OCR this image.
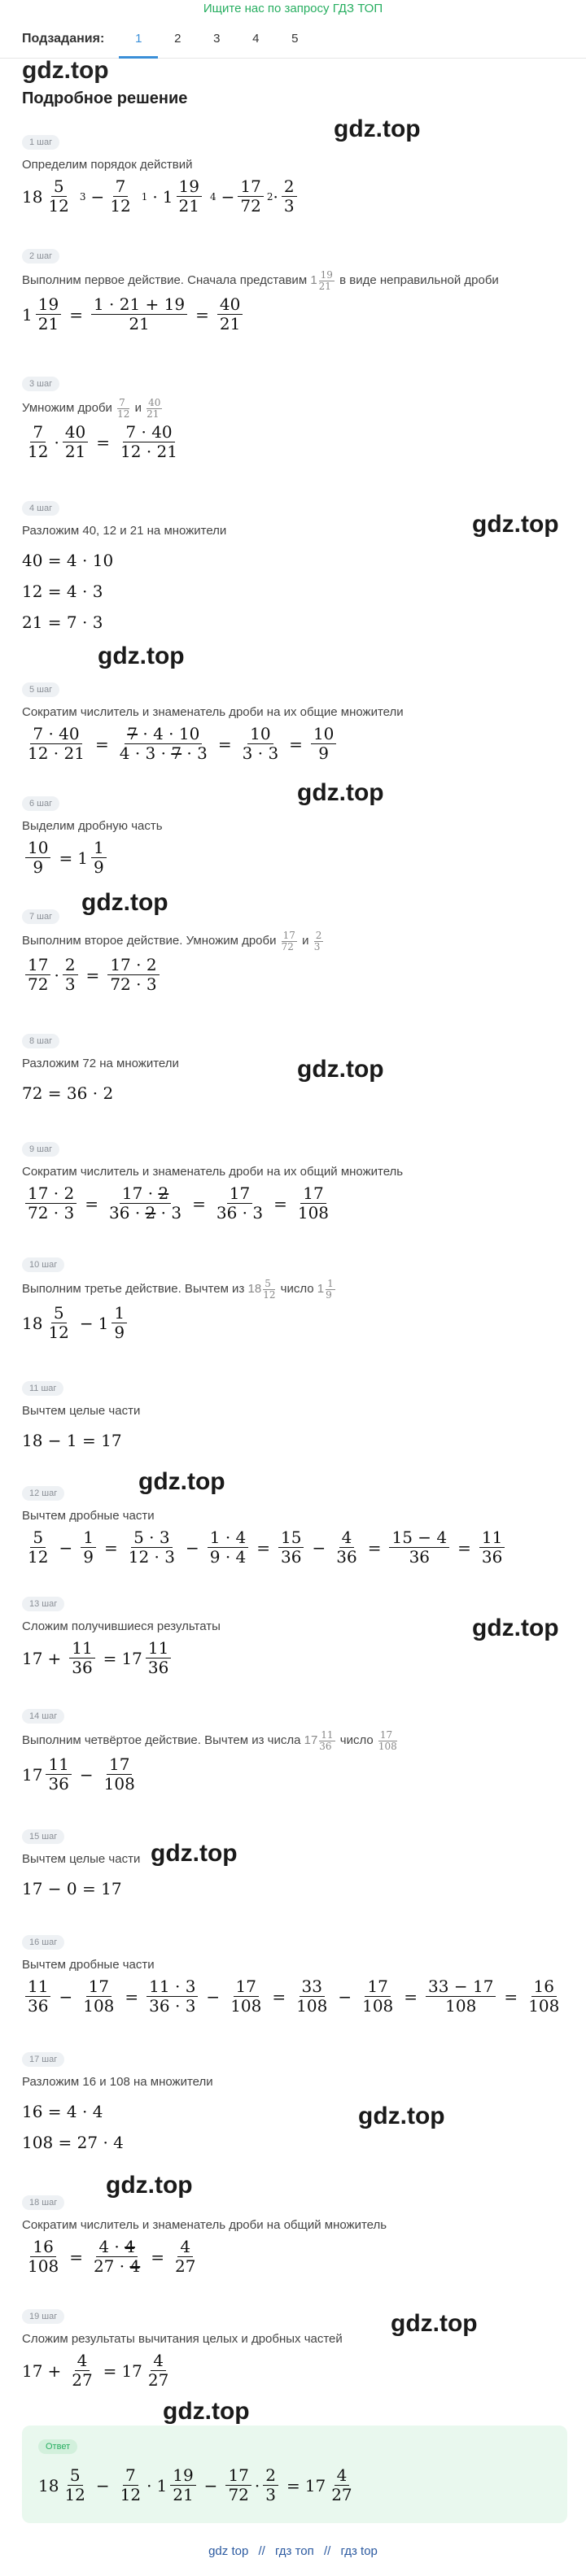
Ищите нас по запросу ГДЗ ТОП
Подзадания:	1	2	3	4	5
gdz.top
Подробное решение
gdz.top
gdz.top
gdz.top
gdz.top
gdz.top
gdz.top
gdz.top
gdz.top
gdz.top
gdz.top
gdz.top
gdz.top
gdz.top
1 шаг
Определим порядок действий
$18 \frac{5}{12} 3 - \frac{7}{12} 1 \cdot 1 \frac{19}{21} 4 - \frac{17}{72} 2 \cdot \frac{2}{3}$
2 шаг
Выполним первое действие. Сначала представим $1 \frac{19}{21}$ в виде неправильной дроби
$1 \frac{19}{21} = \frac{1 \cdot 21 + 19}{21} = \frac{40}{21}$
3 шаг
Умножим дроби $\frac{7}{12}$ и $\frac{40}{21}$
$\frac{7}{12} \cdot \frac{40}{21} = \frac{7 \cdot 40}{12 \cdot 21}$
4 шаг
Разложим 40, 12 и 21 на множители
40 = 4 · 10
12 = 4 · 3
21 = 7 · 3
5 шаг
Сократим числитель и знаменатель дроби на их общие множители
$\frac{7 \cdot 40}{12 \cdot 21} = \frac{7 \cdot 4 \cdot 10}{4 \cdot 3 \cdot 7 \cdot 3} = \frac{10}{3 \cdot 3} = \frac{10}{9}$
6 шаг
Выделим дробную часть
$\frac{10}{9} = 1 \frac{1}{9}$
7 шаг
Выполним второе действие. Умножим дроби $\frac{17}{72}$ и $\frac{2}{3}$
$\frac{17}{72} \cdot \frac{2}{3} = \frac{17 \cdot 2}{72 \cdot 3}$
8 шаг
Разложим 72 на множители
72 = 36 · 2
9 шаг
Сократим числитель и знаменатель дроби на их общий множитель
$\frac{17 \cdot 2}{72 \cdot 3} = \frac{17 \cdot 2}{36 \cdot 2 \cdot 3} = \frac{17}{36 \cdot 3} = \frac{17}{108}$
10 шаг
Выполним третье действие. Вычтем из $18 \frac{5}{12}$ число $1 \frac{1}{9}$
$18 \frac{5}{12} - 1 \frac{1}{9}$
11 шаг
Вычтем целые части
18 − 1 = 17
12 шаг
Вычтем дробные части
$\frac{5}{12} - \frac{1}{9} = \frac{5 \cdot 3}{12 \cdot 3} - \frac{1 \cdot 4}{9 \cdot 4} = \frac{15}{36} - \frac{4}{36} = \frac{15 - 4}{36} = \frac{11}{36}$
13 шаг
Сложим получившиеся результаты
$17 + \frac{11}{36} = 17 \frac{11}{36}$
14 шаг
Выполним четвёртое действие. Вычтем из числа $17 \frac{11}{36}$ число $\frac{17}{108}$
$17 \frac{11}{36} - \frac{17}{108}$
15 шаг
Вычтем целые части
17 − 0 = 17
16 шаг
Вычтем дробные части
$\frac{11}{36} - \frac{17}{108} = \frac{11 \cdot 3}{36 \cdot 3} - \frac{17}{108} = \frac{33}{108} - \frac{17}{108} = \frac{33 - 17}{108} = \frac{16}{108}$
17 шаг
Разложим 16 и 108 на множители
16 = 4 · 4
108 = 27 · 4
18 шаг
Сократим числитель и знаменатель дроби на общий множитель
$\frac{16}{108} = \frac{4 \cdot 4}{27 \cdot 4} = \frac{4}{27}$
19 шаг
Сложим результаты вычитания целых и дробных частей
$17 + \frac{4}{27} = 17 \frac{4}{27}$
Ответ
$18 \frac{5}{12} - \frac{7}{12} \cdot 1 \frac{19}{21} - \frac{17}{72} \cdot \frac{2}{3} = 17 \frac{4}{27}$
gdz top // гдз топ // гдз top
